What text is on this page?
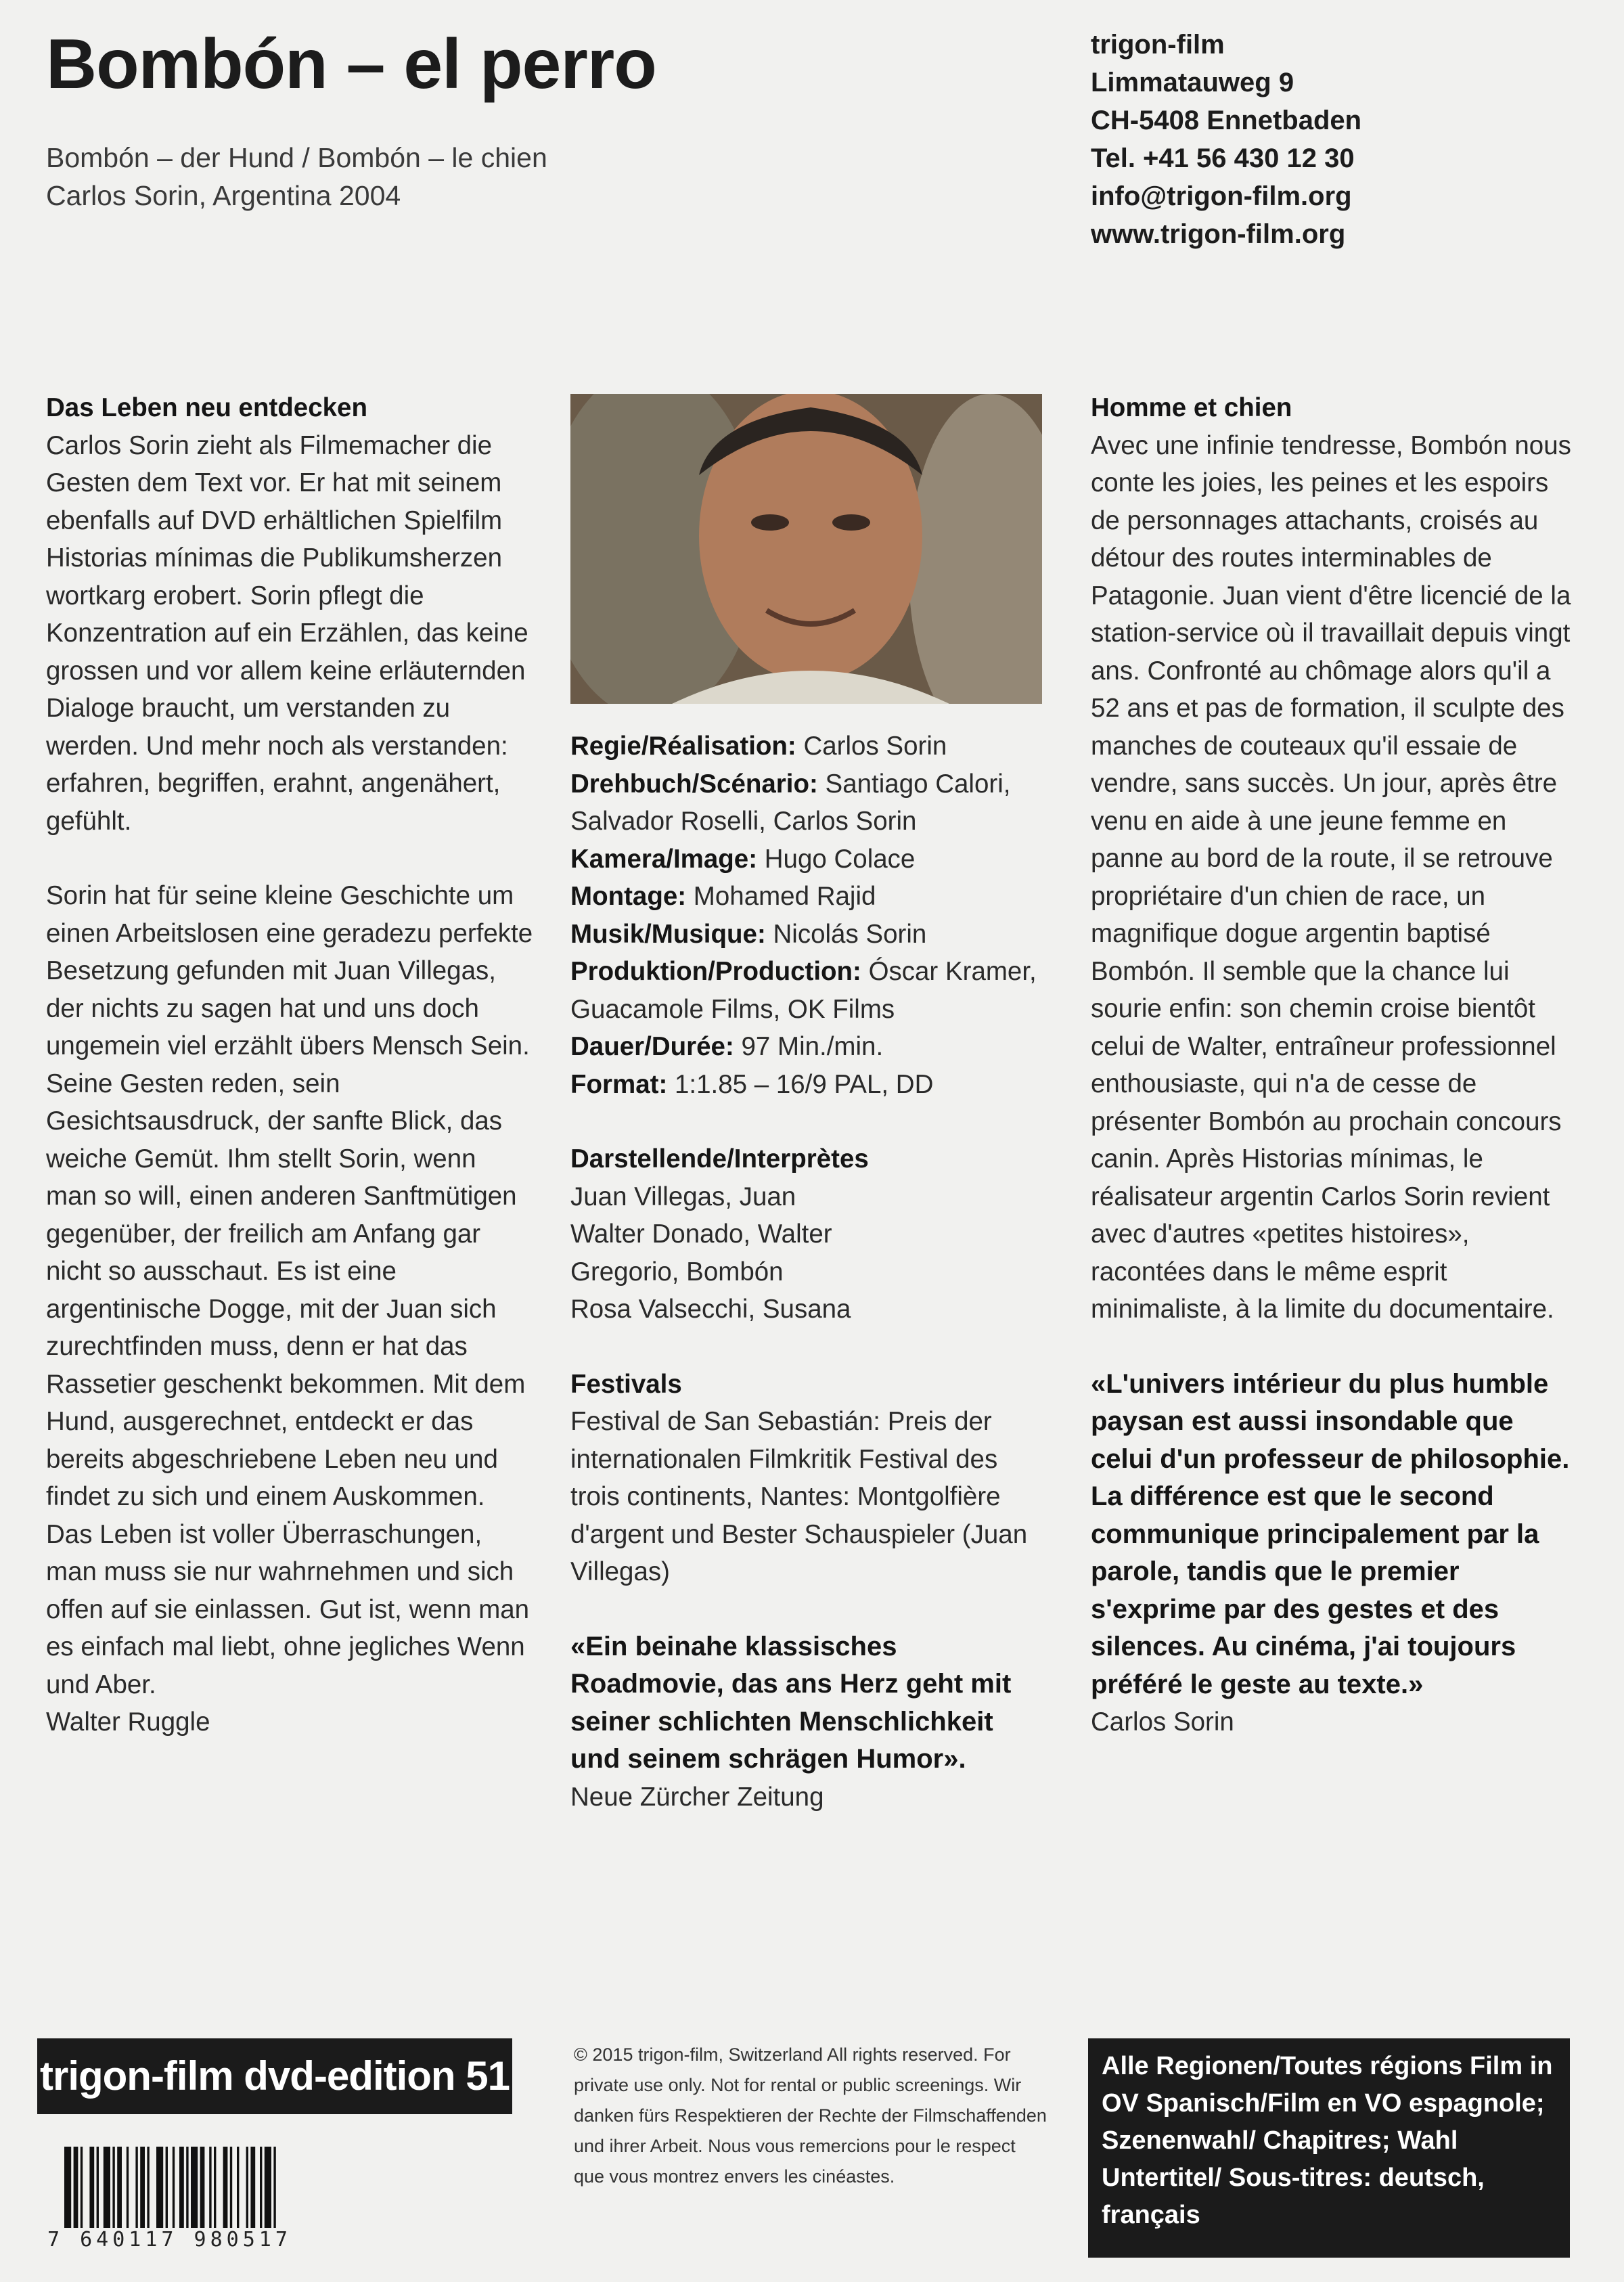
Bombón – el perro
Bombón – der Hund / Bombón – le chien
Carlos Sorin, Argentina 2004
trigon-film
Limmatauweg 9
CH-5408 Ennetbaden
Tel. +41 56 430 12 30
info@trigon-film.org
www.trigon-film.org
Das Leben neu entdecken

Carlos Sorin zieht als Filmemacher die Gesten dem Text vor. Er hat mit seinem ebenfalls auf DVD erhältlichen Spielfilm Historias mínimas die Publikumsherzen wortkarg erobert. Sorin pflegt die Konzentration auf ein Erzählen, das keine grossen und vor allem keine erläuternden Dialoge braucht, um verstanden zu werden. Und mehr noch als verstanden: erfahren, begriffen, erahnt, angenähert, gefühlt.

Sorin hat für seine kleine Geschichte um einen Arbeitslosen eine geradezu perfekte Besetzung gefunden mit Juan Villegas, der nichts zu sagen hat und uns doch ungemein viel erzählt übers Mensch Sein. Seine Gesten reden, sein Gesichtsausdruck, der sanfte Blick, das weiche Gemüt. Ihm stellt Sorin, wenn man so will, einen anderen Sanftmütigen gegenüber, der freilich am Anfang gar nicht so ausschaut. Es ist eine argentinische Dogge, mit der Juan sich zurechtfinden muss, denn er hat das Rassetier geschenkt bekommen. Mit dem Hund, ausgerechnet, entdeckt er das bereits abgeschriebene Leben neu und findet zu sich und einem Auskommen. Das Leben ist voller Überraschungen, man muss sie nur wahrnehmen und sich offen auf sie einlassen. Gut ist, wenn man es einfach mal liebt, ohne jegliches Wenn und Aber.

Walter Ruggle
Regie/Réalisation: Carlos Sorin
Drehbuch/Scénario: Santiago Calori, Salvador Roselli, Carlos Sorin
Kamera/Image: Hugo Colace
Montage: Mohamed Rajid
Musik/Musique: Nicolás Sorin
Produktion/Production: Óscar Kramer, Guacamole Films, OK Films
Dauer/Durée: 97 Min./min.
Format: 1:1.85 – 16/9 PAL, DD
Darstellende/Interprètes
Juan Villegas, Juan
Walter Donado, Walter
Gregorio, Bombón
Rosa Valsecchi, Susana
Festivals
Festival de San Sebastián: Preis der internationalen Filmkritik Festival des trois continents, Nantes: Montgolfière d'argent und Bester Schauspieler (Juan Villegas)
«Ein beinahe klassisches Roadmovie, das ans Herz geht mit seiner schlichten Menschlichkeit und seinem schrägen Humor».
Neue Zürcher Zeitung
Homme et chien

Avec une infinie tendresse, Bombón nous conte les joies, les peines et les espoirs de personnages attachants, croisés au détour des routes interminables de Patagonie. Juan vient d'être licencié de la station-service où il travaillait depuis vingt ans. Confronté au chômage alors qu'il a 52 ans et pas de formation, il sculpte des manches de couteaux qu'il essaie de vendre, sans succès. Un jour, après être venu en aide à une jeune femme en panne au bord de la route, il se retrouve propriétaire d'un chien de race, un magnifique dogue argentin baptisé Bombón. Il semble que la chance lui sourie enfin: son chemin croise bientôt celui de Walter, entraîneur professionnel enthousiaste, qui n'a de cesse de présenter Bombón au prochain concours canin. Après Historias mínimas, le réalisateur argentin Carlos Sorin revient avec d'autres «petites histoires», racontées dans le même esprit minimaliste, à la limite du documentaire.

«L'univers intérieur du plus humble paysan est aussi insondable que celui d'un professeur de philosophie. La différence est que le second communique principalement par la parole, tandis que le premier s'exprime par des gestes et des silences. Au cinéma, j'ai toujours préféré le geste au texte.»
Carlos Sorin
trigon-film dvd-edition 51
7 640117 980517
© 2015 trigon-film, Switzerland All rights reserved. For private use only. Not for rental or public screenings. Wir danken fürs Respektieren der Rechte der Filmschaffenden und ihrer Arbeit. Nous vous remercions pour le respect que vous montrez envers les cinéastes.
Alle Regionen/Toutes régions Film in OV Spanisch/Film en VO espagnole; Szenenwahl/ Chapitres; Wahl Untertitel/ Sous-titres: deutsch, français
